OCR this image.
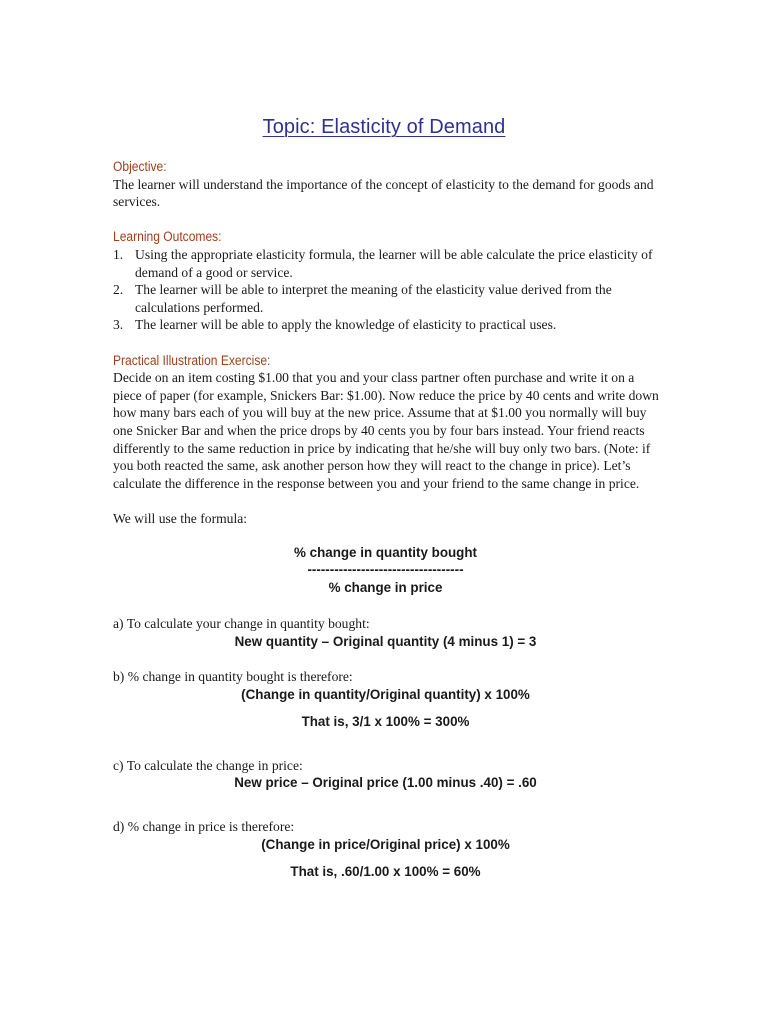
Topic: Elasticity of Demand

Objective:

The learner will understand the importance of the concept of elasticity to the demand for goods and services.

Learning Outcomes:

1. Using the appropriate elasticity formula, the learner will be able calculate the price elasticity of demand of a good or service.
2. The learner will be able to interpret the meaning of the elasticity value derived from the calculations performed.
3. The learner will be able to apply the knowledge of elasticity to practical uses.

Practical Illustration Exercise:

Decide on an item costing $1.00 that you and your class partner often purchase and write it on a piece of paper (for example, Snickers Bar: $1.00). Now reduce the price by 40 cents and write down how many bars each of you will buy at the new price. Assume that at $1.00 you normally will buy one Snicker Bar and when the price drops by 40 cents you by four bars instead. Your friend reacts differently to the same reduction in price by indicating that he/she will buy only two bars. (Note: if you both reacted the same, ask another person how they will react to the change in price). Let’s calculate the difference in the response between you and your friend to the same change in price.

We will use the formula:

% change in quantity bought

-----------------------------------

% change in price

a) To calculate your change in quantity bought:

New quantity – Original quantity (4 minus 1) = 3

b) % change in quantity bought is therefore:

(Change in quantity/Original quantity) x 100%

That is, 3/1 x 100% = 300%

c) To calculate the change in price:

New price – Original price (1.00 minus .40) = .60

d) % change in price is therefore:

(Change in price/Original price) x 100%

That is, .60/1.00 x 100% = 60%
